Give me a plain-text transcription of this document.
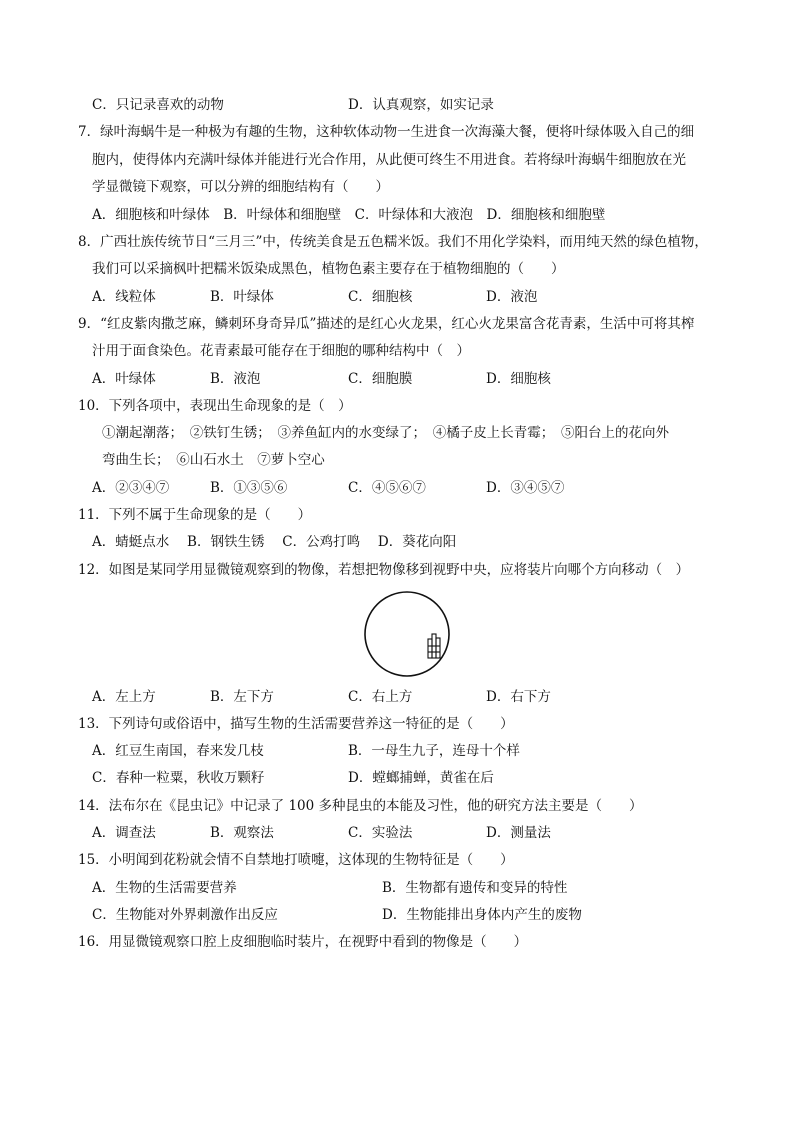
C．只记录喜欢的动物	D．认真观察，如实记录
7．绿叶海蜗牛是一种极为有趣的生物，这种软体动物一生进食一次海藻大餐，便将叶绿体吸入自己的细
胞内，使得体内充满叶绿体并能进行光合作用，从此便可终生不用进食。若将绿叶海蜗牛细胞放在光
学显微镜下观察，可以分辨的细胞结构有（　　）
A．细胞核和叶绿体　B．叶绿体和细胞壁　C．叶绿体和大液泡　D．细胞核和细胞壁
8．广西壮族传统节日“三月三”中，传统美食是五色糯米饭。我们不用化学染料，而用纯天然的绿色植物，
我们可以采摘枫叶把糯米饭染成黑色，植物色素主要存在于植物细胞的（　　）
A．线粒体	B．叶绿体	C．细胞核	D．液泡
9．“红皮紫肉撒芝麻，鳞刺环身奇异瓜”描述的是红心火龙果，红心火龙果富含花青素，生活中可将其榨
汁用于面食染色。花青素最可能存在于细胞的哪种结构中（　）
A．叶绿体	B．液泡	C．细胞膜	D．细胞核
10．下列各项中，表现出生命现象的是（　）
①潮起潮落；　②铁钉生锈；　③养鱼缸内的水变绿了；　④橘子皮上长青霉；　⑤阳台上的花向外
弯曲生长；　⑥山石水土　⑦萝卜空心
A．②③④⑦	B．①③⑤⑥	C．④⑤⑥⑦	D．③④⑤⑦
11．下列不属于生命现象的是（　　）
A．蜻蜓点水　 B．钢铁生锈　 C．公鸡打鸣　 D．葵花向阳
12．如图是某同学用显微镜观察到的物像，若想把物像移到视野中央，应将装片向哪个方向移动（　）
A．左上方	B．左下方	C．右上方	D．右下方
13．下列诗句或俗语中，描写生物的生活需要营养这一特征的是（　　）
A．红豆生南国，春来发几枝	B．一母生九子，连母十个样
C．春种一粒粟，秋收万颗籽	D．螳螂捕蝉，黄雀在后
14．法布尔在《昆虫记》中记录了 100 多种昆虫的本能及习性，他的研究方法主要是（　　）
A．调查法	B．观察法	C．实验法	D．测量法
15．小明闻到花粉就会情不自禁地打喷嚏，这体现的生物特征是（　　）
A．生物的生活需要营养	B．生物都有遗传和变异的特性
C．生物能对外界刺激作出反应	D．生物能排出身体内产生的废物
16．用显微镜观察口腔上皮细胞临时装片，在视野中看到的物像是（　　）
